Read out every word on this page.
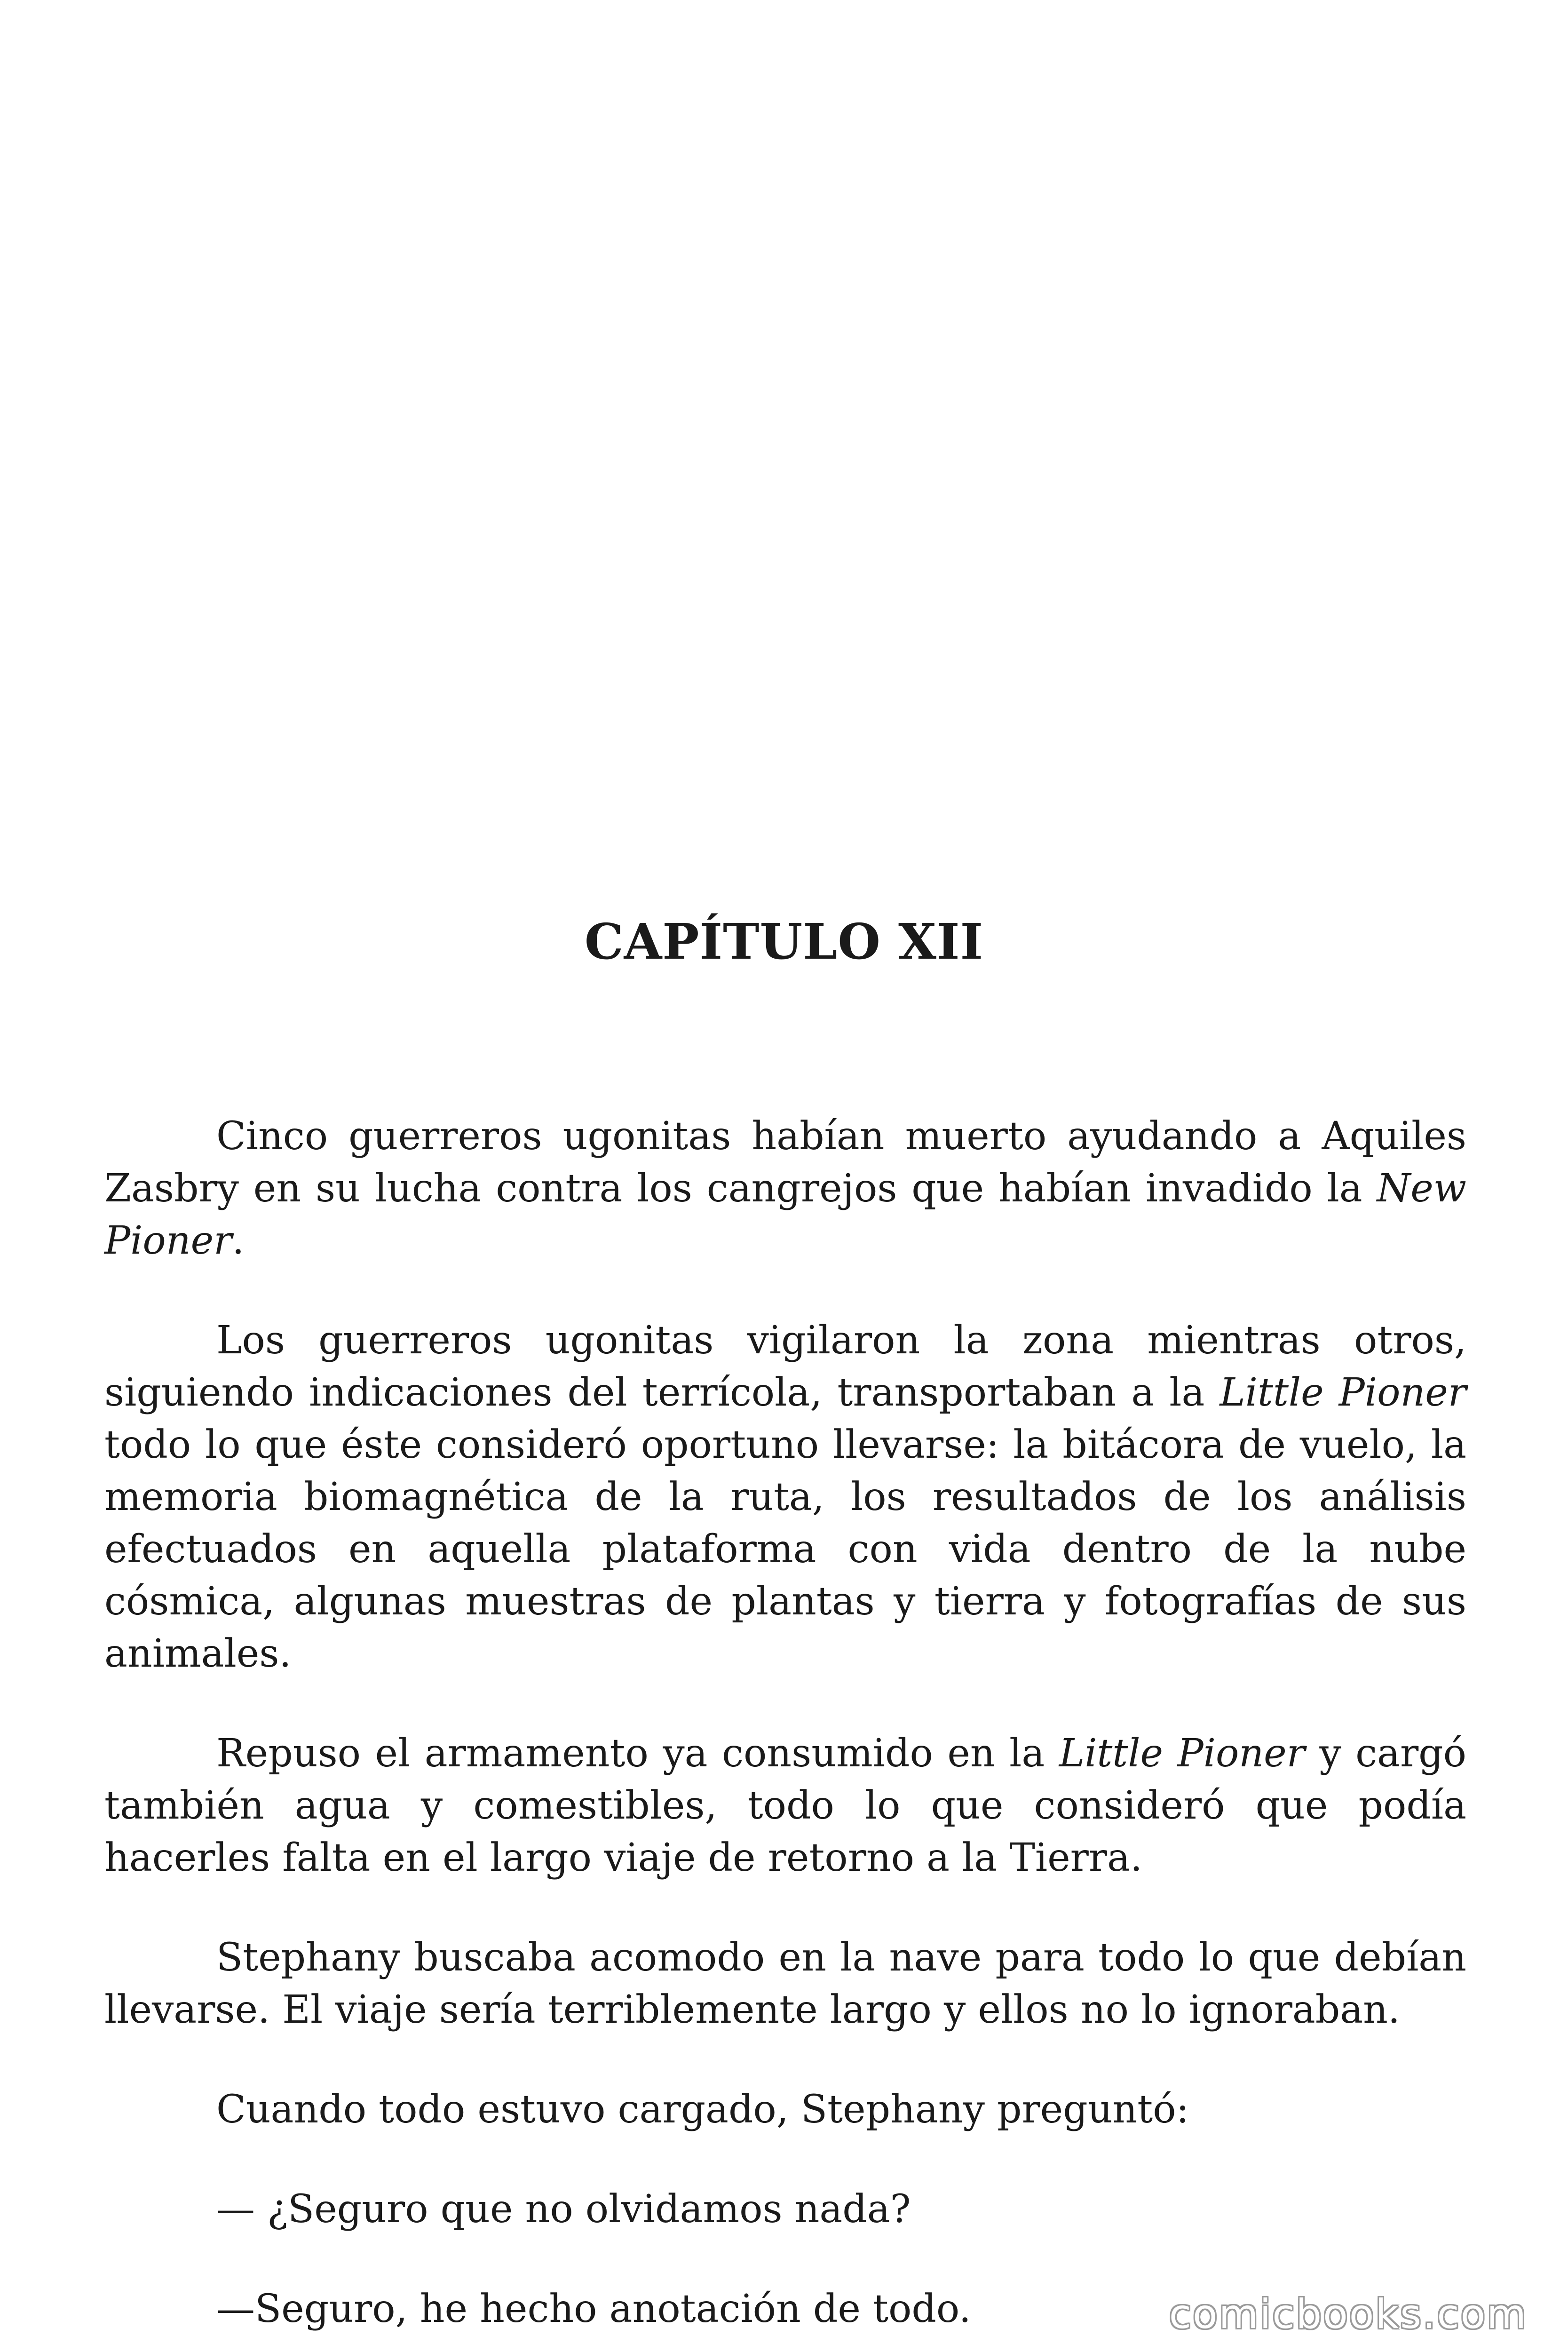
CAPÍTULO XII

Cinco guerreros ugonitas habían muerto ayudando a Aquiles Zasbry en su lucha contra los cangrejos que habían invadido la New Pioner.

Los guerreros ugonitas vigilaron la zona mientras otros, siguiendo indicaciones del terrícola, transportaban a la Little Pioner todo lo que éste consideró oportuno llevarse: la bitácora de vuelo, la memoria biomagnética de la ruta, los resultados de los análisis efectuados en aquella plataforma con vida dentro de la nube cósmica, algunas muestras de plantas y tierra y fotografías de sus animales.

Repuso el armamento ya consumido en la Little Pioner y cargó también agua y comestibles, todo lo que consideró que podía hacerles falta en el largo viaje de retorno a la Tierra.

Stephany buscaba acomodo en la nave para todo lo que debían llevarse. El viaje sería terriblemente largo y ellos no lo ignoraban.

Cuando todo estuvo cargado, Stephany preguntó:

— ¿Seguro que no olvidamos nada?

—Seguro, he hecho anotación de todo.	comicbooks.com
